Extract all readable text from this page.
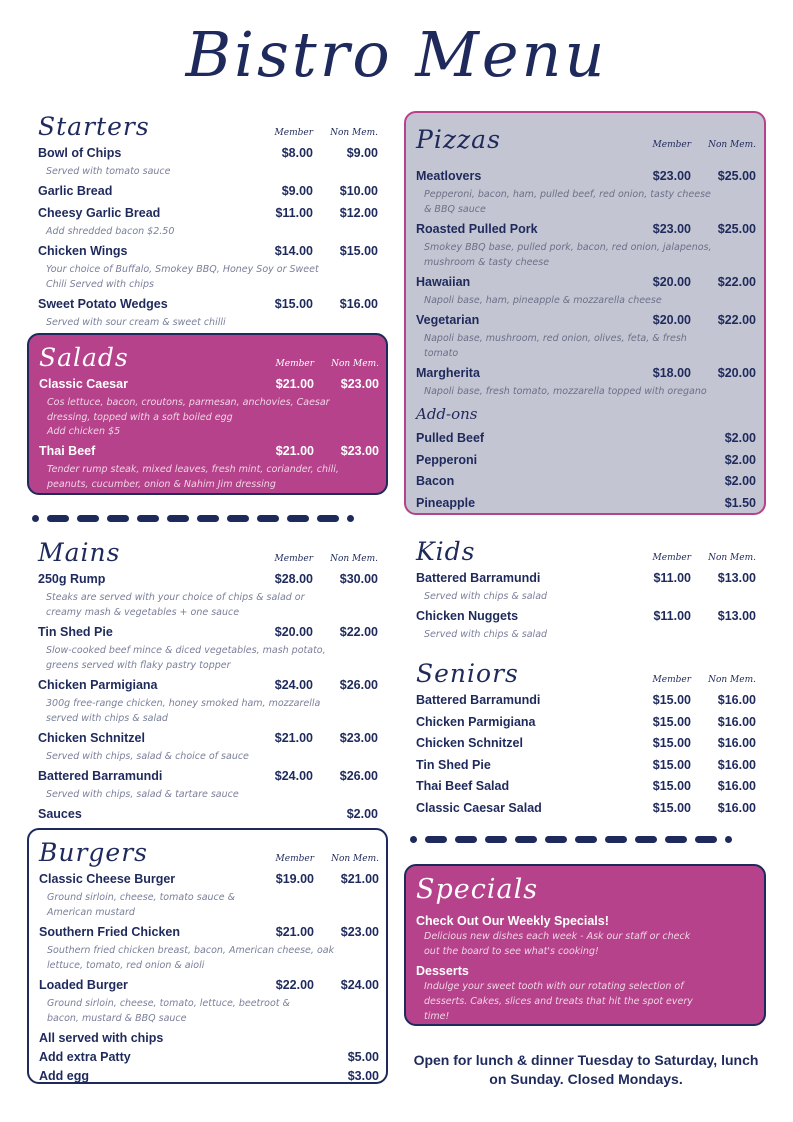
Bistro Menu
Starters	Member	Non Mem.
Bowl of Chips	$8.00	$9.00
Served with tomato sauce
Garlic Bread	$9.00	$10.00
Cheesy Garlic Bread	$11.00	$12.00
Add shredded bacon $2.50
Chicken Wings	$14.00	$15.00
Your choice of Buffalo, Smokey BBQ, Honey Soy or Sweet Chili Served with chips
Sweet Potato Wedges	$15.00	$16.00
Served with sour cream & sweet chilli
Salads	Member	Non Mem.
Classic Caesar	$21.00	$23.00
Cos lettuce, bacon, croutons, parmesan, anchovies, Caesar dressing, topped with a soft boiled egg
Add chicken $5
Thai Beef	$21.00	$23.00
Tender rump steak, mixed leaves, fresh mint, coriander, chili, peanuts, cucumber, onion & Nahim Jim dressing
Pizzas	Member	Non Mem.
Meatlovers	$23.00	$25.00
Pepperoni, bacon, ham, pulled beef, red onion, tasty cheese & BBQ sauce
Roasted Pulled Pork	$23.00	$25.00
Smokey BBQ base, pulled pork, bacon, red onion, jalapenos, mushroom & tasty cheese
Hawaiian	$20.00	$22.00
Napoli base, ham, pineapple & mozzarella cheese
Vegetarian	$20.00	$22.00
Napoli base, mushroom, red onion, olives, feta, & fresh tomato
Margherita	$18.00	$20.00
Napoli base, fresh tomato, mozzarella topped with oregano
Add-ons
Pulled Beef	$2.00
Pepperoni	$2.00
Bacon	$2.00
Pineapple	$1.50
Mains	Member	Non Mem.
250g Rump	$28.00	$30.00
Steaks are served with your choice of chips & salad or creamy mash & vegetables + one sauce
Tin Shed Pie	$20.00	$22.00
Slow-cooked beef mince & diced vegetables, mash potato, greens served with flaky pastry topper
Chicken Parmigiana	$24.00	$26.00
300g free-range chicken, honey smoked ham, mozzarella served with chips & salad
Chicken Schnitzel	$21.00	$23.00
Served with chips, salad & choice of sauce
Battered Barramundi	$24.00	$26.00
Served with chips, salad & tartare sauce
Sauces	$2.00
Kids	Member	Non Mem.
Battered Barramundi	$11.00	$13.00
Served with chips & salad
Chicken Nuggets	$11.00	$13.00
Served with chips & salad
Seniors	Member	Non Mem.
Battered Barramundi	$15.00	$16.00
Chicken Parmigiana	$15.00	$16.00
Chicken Schnitzel	$15.00	$16.00
Tin Shed Pie	$15.00	$16.00
Thai Beef Salad	$15.00	$16.00
Classic Caesar Salad	$15.00	$16.00
Burgers	Member	Non Mem.
Classic Cheese Burger	$19.00	$21.00
Ground sirloin, cheese, tomato sauce & American mustard
Southern Fried Chicken	$21.00	$23.00
Southern fried chicken breast, bacon, American cheese, oak lettuce, tomato, red onion & aioli
Loaded Burger	$22.00	$24.00
Ground sirloin, cheese, tomato, lettuce, beetroot & bacon, mustard & BBQ sauce
All served with chips
Add extra Patty	$5.00
Add egg	$3.00
Specials
Check Out Our Weekly Specials!
Delicious new dishes each week - Ask our staff or check out the board to see what's cooking!
Desserts
Indulge your sweet tooth with our rotating selection of desserts. Cakes, slices and treats that hit the spot every time!
Open for lunch & dinner Tuesday to Saturday, lunch on Sunday. Closed Mondays.
